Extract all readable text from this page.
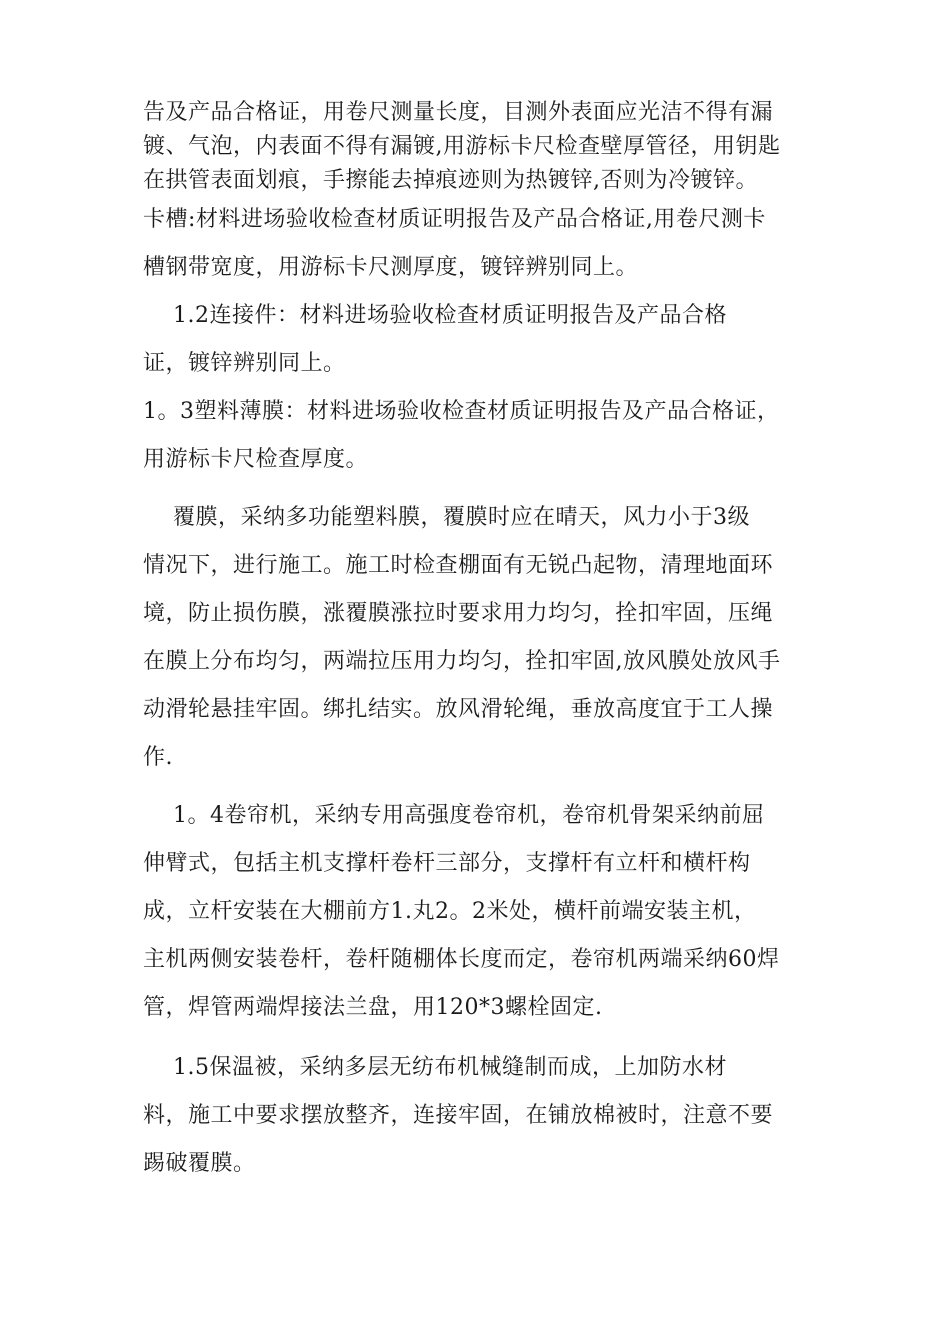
告及产品合格证，用卷尺测量长度，目测外表面应光洁不得有漏
镀、气泡，内表面不得有漏镀,用游标卡尺检查壁厚管径，用钥匙
在拱管表面划痕，手擦能去掉痕迹则为热镀锌,否则为冷镀锌。
卡槽:材料进场验收检查材质证明报告及产品合格证,用卷尺测卡
槽钢带宽度，用游标卡尺测厚度，镀锌辨别同上。
1.2连接件：材料进场验收检查材质证明报告及产品合格
证，镀锌辨别同上。
1。3塑料薄膜：材料进场验收检查材质证明报告及产品合格证，
用游标卡尺检查厚度。
覆膜，采纳多功能塑料膜，覆膜时应在晴天，风力小于3级
情况下，进行施工。施工时检查棚面有无锐凸起物，清理地面环
境，防止损伤膜，涨覆膜涨拉时要求用力均匀，拴扣牢固，压绳
在膜上分布均匀，两端拉压用力均匀，拴扣牢固,放风膜处放风手
动滑轮悬挂牢固。绑扎结实。放风滑轮绳，垂放高度宜于工人操
作.
1。4卷帘机，采纳专用高强度卷帘机，卷帘机骨架采纳前屈
伸臂式，包括主机支撑杆卷杆三部分，支撑杆有立杆和横杆构
成，立杆安装在大棚前方1.丸2。2米处，横杆前端安装主机，
主机两侧安装卷杆，卷杆随棚体长度而定，卷帘机两端采纳60焊
管，焊管两端焊接法兰盘，用120*3螺栓固定.
1.5保温被，采纳多层无纺布机械缝制而成，上加防水材
料，施工中要求摆放整齐，连接牢固，在铺放棉被时，注意不要
踢破覆膜。
